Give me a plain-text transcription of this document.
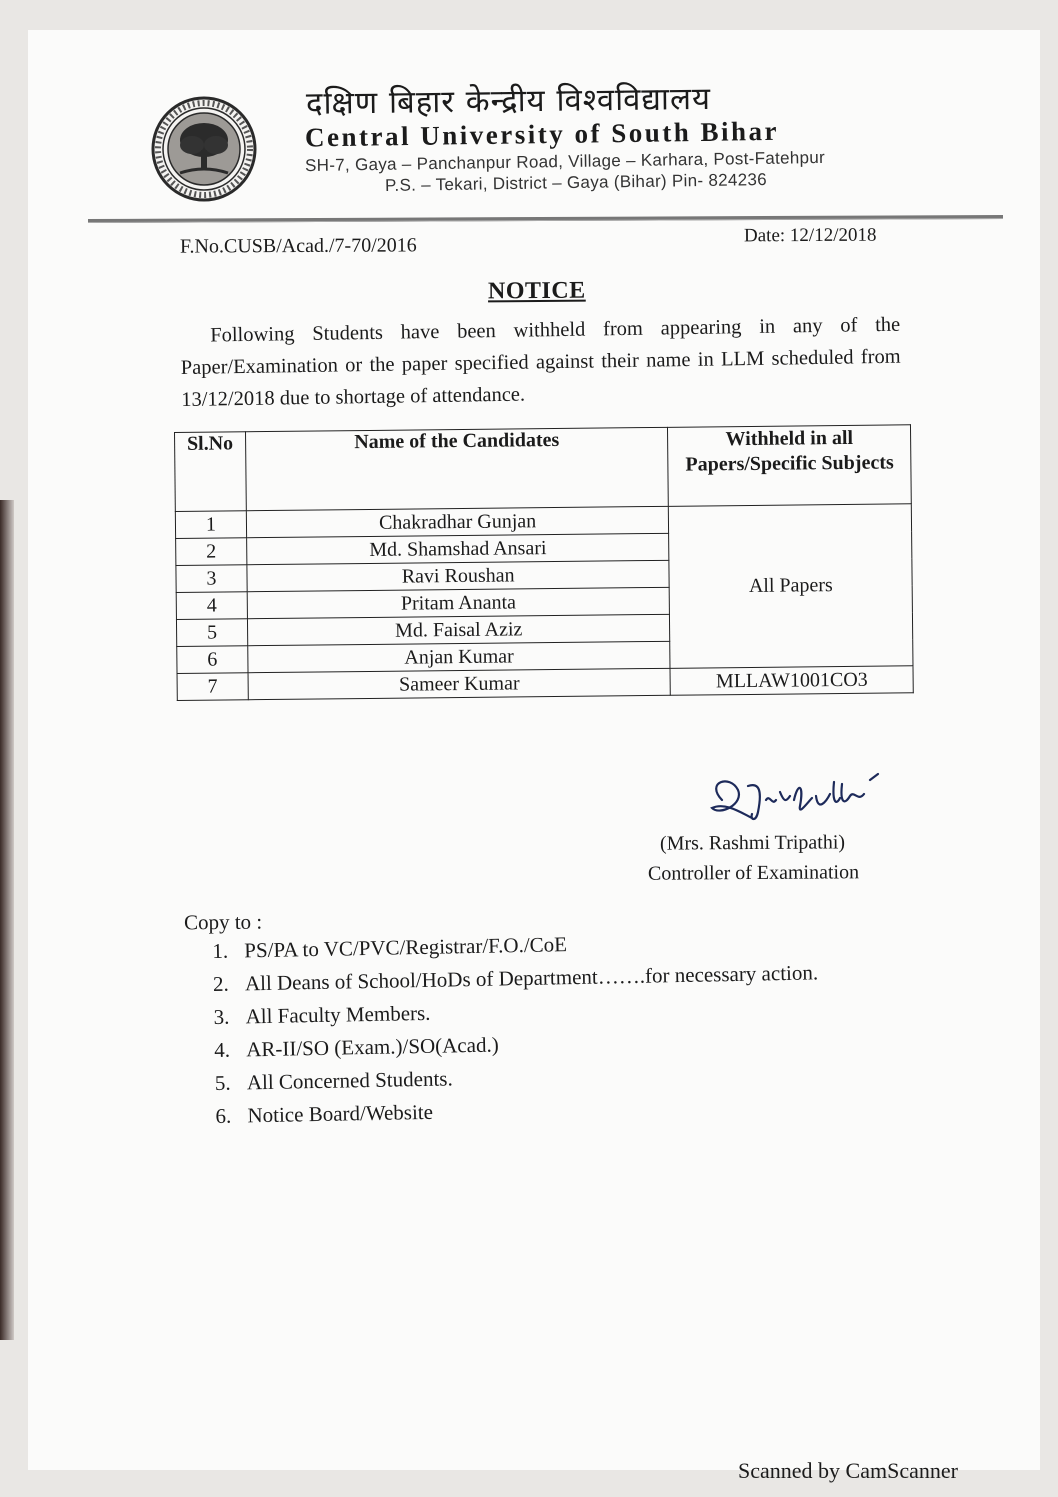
दक्षिण बिहार केन्द्रीय विश्वविद्यालय
Central University of South Bihar
SH-7, Gaya – Panchanpur Road, Village – Karhara, Post-Fatehpur
P.S. – Tekari, District – Gaya (Bihar) Pin- 824236
F.No.CUSB/Acad./7-70/2016	Date: 12/12/2018
NOTICE
Following Students have been withheld from appearing in any of the Paper/Examination or the paper specified against their name in LLM scheduled from 13/12/2018 due to shortage of attendance.
Sl.No	Name of the Candidates	Withheld in all Papers/Specific Subjects
1	Chakradhar Gunjan	All Papers
2	Md. Shamshad Ansari	
3	Ravi Roushan	
4	Pritam Ananta	
5	Md. Faisal Aziz	
6	Anjan Kumar	
7	Sameer Kumar	MLLAW1001CO3
(Mrs. Rashmi Tripathi)
Controller of Examination
Copy to :
1. PS/PA to VC/PVC/Registrar/F.O./CoE
2. All Deans of School/HoDs of Department…….for necessary action.
3. All Faculty Members.
4. AR-II/SO (Exam.)/SO(Acad.)
5. All Concerned Students.
6. Notice Board/Website
Scanned by CamScanner
